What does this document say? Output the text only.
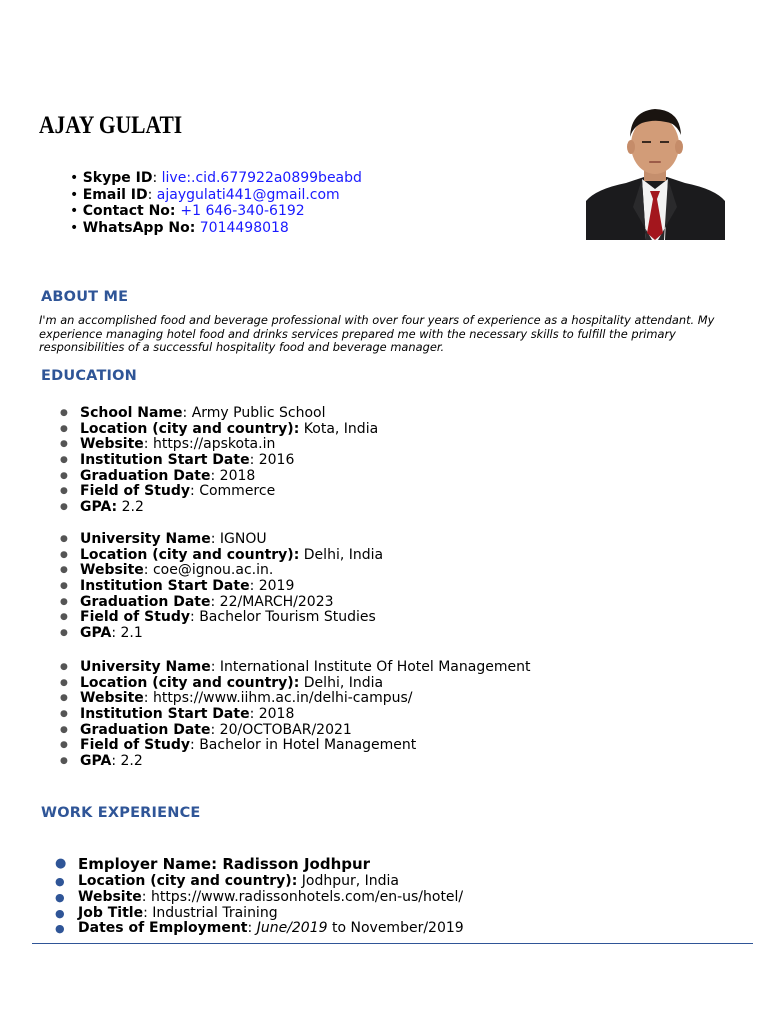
AJAY GULATI
• Skype ID: live:.cid.677922a0899beabd
• Email ID: ajaygulati441@gmail.com
• Contact No: +1 646-340-6192
• WhatsApp No: 7014498018
ABOUT ME
I'm an accomplished food and beverage professional with over four years of experience as a hospitality attendant. My experience managing hotel food and drinks services prepared me with the necessary skills to fulfill the primary responsibilities of a successful hospitality food and beverage manager.
EDUCATION
● School Name: Army Public School
● Location (city and country): Kota, India
● Website: https://apskota.in
● Institution Start Date: 2016
● Graduation Date: 2018
● Field of Study: Commerce
● GPA: 2.2
● University Name: IGNOU
● Location (city and country): Delhi, India
● Website: coe@ignou.ac.in.
● Institution Start Date: 2019
● Graduation Date: 22/MARCH/2023
● Field of Study: Bachelor Tourism Studies
● GPA: 2.1
● University Name: International Institute Of Hotel Management
● Location (city and country): Delhi, India
● Website: https://www.iihm.ac.in/delhi-campus/
● Institution Start Date: 2018
● Graduation Date: 20/OCTOBAR/2021
● Field of Study: Bachelor in Hotel Management
● GPA: 2.2
WORK EXPERIENCE
● Employer Name: Radisson Jodhpur
● Location (city and country): Jodhpur, India
● Website: https://www.radissonhotels.com/en-us/hotel/
● Job Title: Industrial Training
● Dates of Employment: June/2019 to November/2019
